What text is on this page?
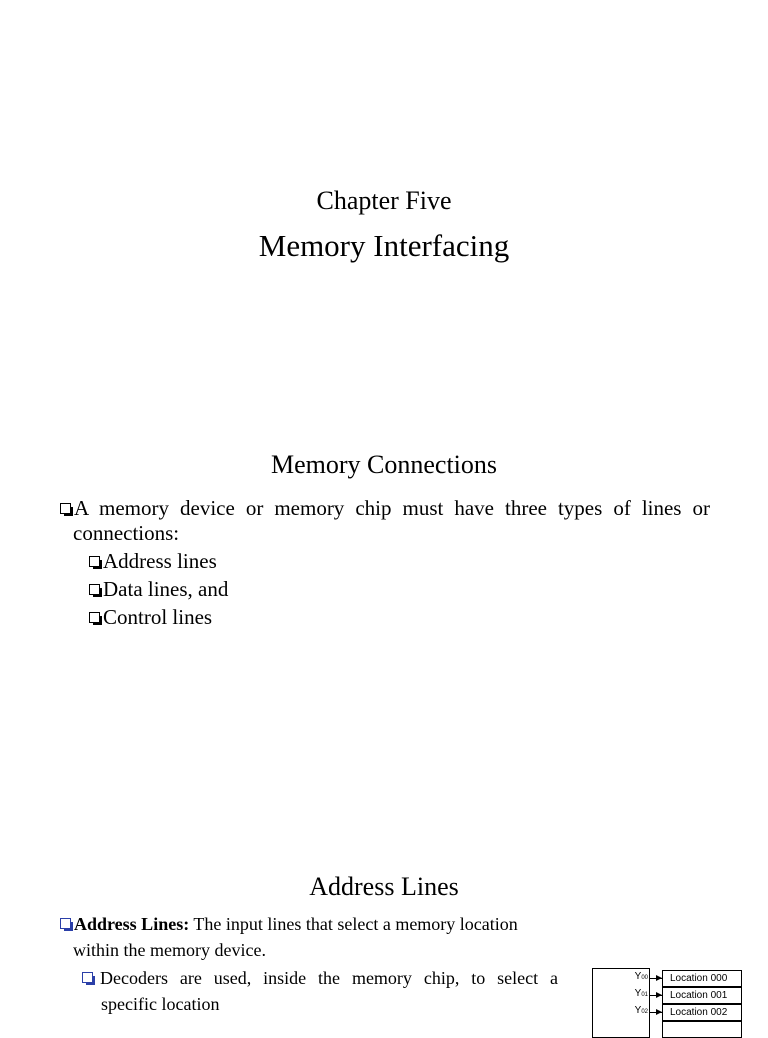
Chapter Five
Memory Interfacing
Memory Connections
A memory device or memory chip must have three types of lines or
connections:
Address lines
Data lines, and
Control lines
Address Lines
Address Lines: The input lines that select a memory location
within the memory device.
Decoders are used, inside the memory chip, to select a
specific location
Y00
Y01
Y02
Location 000
Location 001
Location 002
